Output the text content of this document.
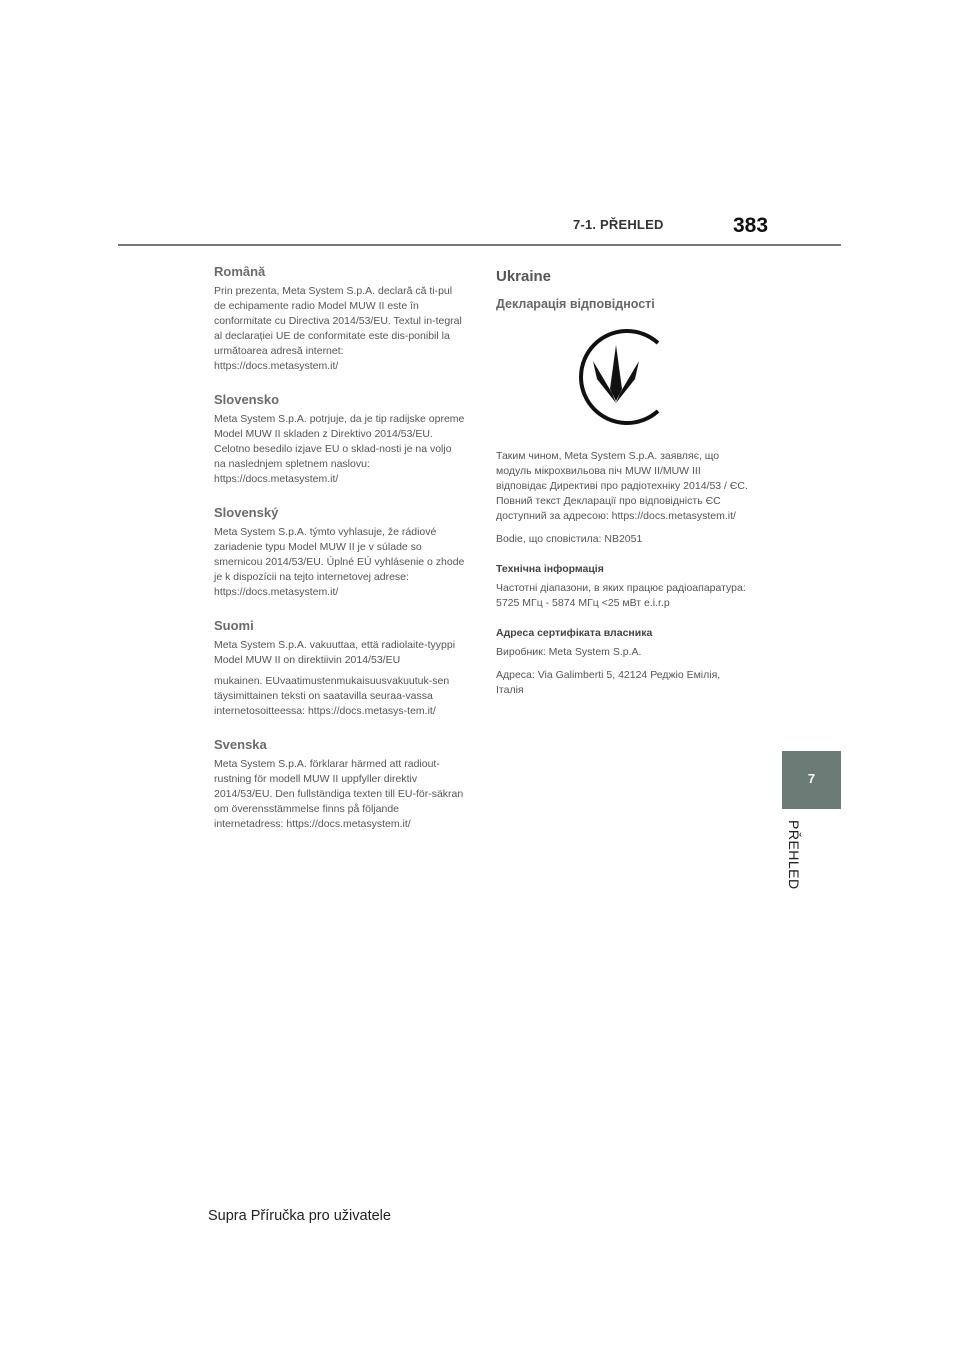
7-1. PŘEHLED	383
7
PŘEHLED
Română

Prin prezenta, Meta System S.p.A. declară că ti-pul de echipamente radio Model MUW II este în conformitate cu Directiva 2014/53/EU. Textul in-tegral al declarației UE de conformitate este dis-ponibil la următoarea adresă internet: https://docs.metasystem.it/

Slovensko

Meta System S.p.A. potrjuje, da je tip radijske opreme Model MUW II skladen z Direktivo 2014/53/EU. Celotno besedilo izjave EU o sklad-nosti je na voljo na naslednjem spletnem naslovu: https://docs.metasystem.it/

Slovenský

Meta System S.p.A. týmto vyhlasuje, že rádiové zariadenie typu Model MUW II je v súlade so smernicou 2014/53/EU. Úplné EÚ vyhlásenie o zhode je k dispozícii na tejto internetovej adrese: https://docs.metasystem.it/

Suomi

Meta System S.p.A. vakuuttaa, että radiolaite-tyyppi Model MUW II on direktiivin 2014/53/EU

mukainen. EUvaatimustenmukaisuusvakuutuk-sen täysimittainen teksti on saatavilla seuraa-vassa internetosoitteessa: https://docs.metasys-tem.it/

Svenska

Meta System S.p.A. förklarar härmed att radiout-rustning för modell MUW II uppfyller direktiv 2014/53/EU. Den fullständiga texten till EU-för-säkran om överensstämmelse finns på följande internetadress: https://docs.metasystem.it/

Ukraine
Декларація відповідності

Таким чином, Meta System S.p.A. заявляє, що модуль мікрохвильова піч MUW II/MUW III відповідає Директиві про радіотехніку 2014/53 / ЄС. Повний текст Декларації про відповідність ЄС доступний за адресою: https://docs.metasystem.it/

Bodie, що сповістила: NB2051

Технічна інформація

Частотні діапазони, в яких працює радіоапаратура: 5725 МГц - 5874 МГц <25 мВт e.i.r.p

Адреса сертифіката власника

Виробник: Meta System S.p.A.

Адреса: Via Galimberti 5, 42124 Реджіо Емілія, Італія

Supra Příručka pro uživatele
